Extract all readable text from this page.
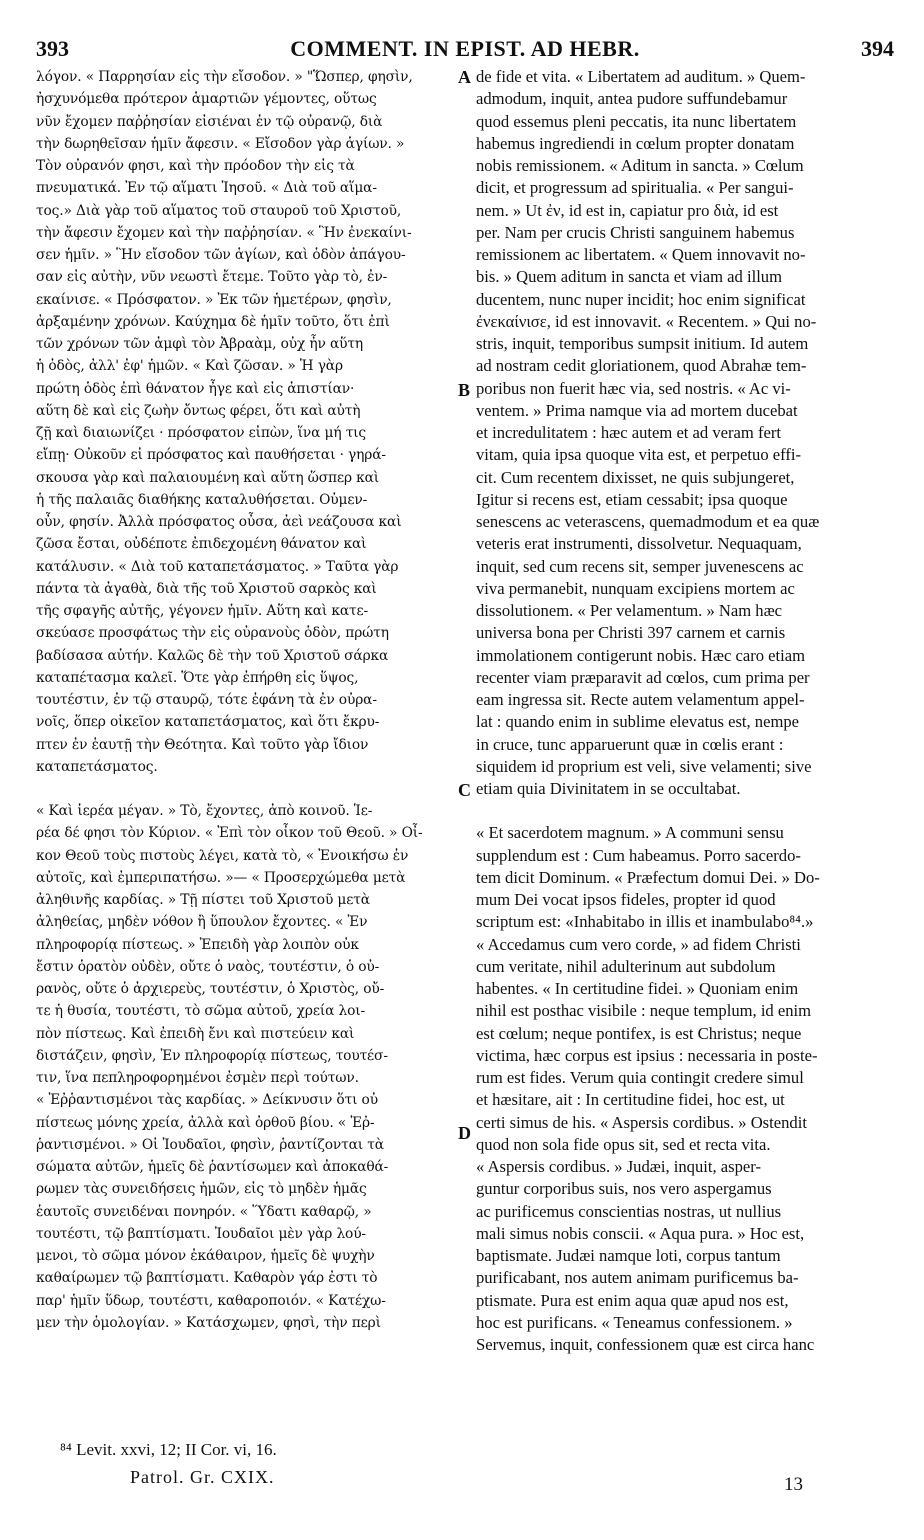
393	COMMENT. IN EPIST. AD HEBR.	394
λόγον. « Παρρησίαν εἰς τὴν εἴσοδον. » "Ὥσπερ, φησὶν,
ἠσχυνόμεθα πρότερον ἁμαρτιῶν γέμοντες, οὕτως
νῦν ἔχομεν παῤῥησίαν εἰσιέναι ἐν τῷ οὐρανῷ, διὰ
τὴν δωρηθεῖσαν ἡμῖν ἄφεσιν. « Εἴσοδον γὰρ ἁγίων. »
Τὸν οὐρανόν φησι, καὶ τὴν πρόοδον τὴν εἰς τὰ
πνευματικά. Ἐν τῷ αἵματι Ἰησοῦ. « Διὰ τοῦ αἵμα-
τος.» Διὰ γὰρ τοῦ αἵματος τοῦ σταυροῦ τοῦ Χριστοῦ,
τὴν ἄφεσιν ἔχομεν καὶ τὴν παῤῥησίαν. « Ἣν ἐνεκαίνι-
σεν ἡμῖν. » Ἣν εἴσοδον τῶν ἁγίων, καὶ ὁδὸν ἀπάγου-
σαν εἰς αὐτὴν, νῦν νεωστὶ ἔτεμε. Τοῦτο γὰρ τὸ, ἐν-
εκαίνισε. « Πρόσφατον. » Ἐκ τῶν ἡμετέρων, φησὶν,
ἀρξαμένην χρόνων. Καύχημα δὲ ἡμῖν τοῦτο, ὅτι ἐπὶ
τῶν χρόνων τῶν ἀμφὶ τὸν Ἀβραὰμ, οὐχ ἦν αὕτη
ἡ ὁδὸς, ἀλλ' ἐφ' ἡμῶν. « Καὶ ζῶσαν. » Ἡ γὰρ
πρώτη ὁδὸς ἐπὶ θάνατον ἦγε καὶ εἰς ἀπιστίαν·
αὕτη δὲ καὶ εἰς ζωὴν ὄντως φέρει, ὅτι καὶ αὐτὴ
ζῇ καὶ διαιωνίζει · πρόσφατον εἰπὼν, ἵνα μή τις
εἴπῃ· Οὐκοῦν εἰ πρόσφατος καὶ παυθήσεται · γηρά-
σκουσα γὰρ καὶ παλαιουμένη καὶ αὕτη ὥσπερ καὶ
ἡ τῆς παλαιᾶς διαθήκης καταλυθήσεται. Οὐμεν-
οὖν, φησίν. Ἀλλὰ πρόσφατος οὖσα, ἀεὶ νεάζουσα καὶ
ζῶσα ἔσται, οὐδέποτε ἐπιδεχομένη θάνατον καὶ
κατάλυσιν. « Διὰ τοῦ καταπετάσματος. » Ταῦτα γὰρ
πάντα τὰ ἀγαθὰ, διὰ τῆς τοῦ Χριστοῦ σαρκὸς καὶ
τῆς σφαγῆς αὐτῆς, γέγονεν ἡμῖν. Αὕτη καὶ κατε-
σκεύασε προσφάτως τὴν εἰς οὐρανοὺς ὁδὸν, πρώτη
βαδίσασα αὐτήν. Καλῶς δὲ τὴν τοῦ Χριστοῦ σάρκα
καταπέτασμα καλεῖ. Ὅτε γὰρ ἐπήρθη εἰς ὕψος,
τουτέστιν, ἐν τῷ σταυρῷ, τότε ἐφάνη τὰ ἐν οὐρα-
νοῖς, ὅπερ οἰκεῖον καταπετάσματος, καὶ ὅτι ἔκρυ-
πτεν ἐν ἑαυτῇ τὴν Θεότητα. Καὶ τοῦτο γὰρ ἴδιον
καταπετάσματος.
« Καὶ ἱερέα μέγαν. » Τὸ, ἔχοντες, ἀπὸ κοινοῦ. Ἱε-
ρέα δέ φησι τὸν Κύριον. « Ἐπὶ τὸν οἶκον τοῦ Θεοῦ. » Οἶ-
κον Θεοῦ τοὺς πιστοὺς λέγει, κατὰ τὸ, « Ἐνοικήσω ἐν
αὐτοῖς, καὶ ἐμπεριπατήσω. »— « Προσερχώμεθα μετὰ
ἀληθινῆς καρδίας. » Τῇ πίστει τοῦ Χριστοῦ μετὰ
ἀληθείας, μηδὲν νόθον ἢ ὕπουλον ἔχοντες. « Ἐν
πληροφορίᾳ πίστεως. » Ἐπειδὴ γὰρ λοιπὸν οὐκ
ἔστιν ὁρατὸν οὐδὲν, οὔτε ὁ ναὸς, τουτέστιν, ὁ οὐ-
ρανὸς, οὔτε ὁ ἀρχιερεὺς, τουτέστιν, ὁ Χριστὸς, οὔ-
τε ἡ θυσία, τουτέστι, τὸ σῶμα αὐτοῦ, χρεία λοι-
πὸν πίστεως. Καὶ ἐπειδὴ ἔνι καὶ πιστεύειν καὶ
διστάζειν, φησὶν, Ἐν πληροφορίᾳ πίστεως, τουτέσ-
τιν, ἵνα πεπληροφορημένοι ἐσμὲν περὶ τούτων.
« Ἐῤῥαντισμένοι τὰς καρδίας. » Δείκνυσιν ὅτι οὐ
πίστεως μόνης χρεία, ἀλλὰ καὶ ὀρθοῦ βίου. « Ἐῤ-
ῥαντισμένοι. » Οἱ Ἰουδαῖοι, φησὶν, ῥαντίζονται τὰ
σώματα αὐτῶν, ἡμεῖς δὲ ῥαντίσωμεν καὶ ἀποκαθά-
ρωμεν τὰς συνειδήσεις ἡμῶν, εἰς τὸ μηδὲν ἡμᾶς
ἑαυτοῖς συνειδέναι πονηρόν. « Ὕδατι καθαρῷ, »
τουτέστι, τῷ βαπτίσματι. Ἰουδαῖοι μὲν γὰρ λού-
μενοι, τὸ σῶμα μόνον ἐκάθαιρον, ἡμεῖς δὲ ψυχὴν
καθαίρωμεν τῷ βαπτίσματι. Καθαρὸν γάρ ἐστι τὸ
παρ' ἡμῖν ὕδωρ, τουτέστι, καθαροποιόν. « Κατέχω-
μεν τὴν ὁμολογίαν. » Κατάσχωμεν, φησὶ, τὴν περὶ
de fide et vita. « Libertatem ad auditum. » Quem-
admodum, inquit, antea pudore suffundebamur
quod essemus pleni peccatis, ita nunc libertatem
habemus ingrediendi in cœlum propter donatam
nobis remissionem. « Aditum in sancta. » Cœlum
dicit, et progressum ad spiritualia. « Per sangui-
nem. » Ut ἐν, id est in, capiatur pro διὰ, id est
per. Nam per crucis Christi sanguinem habemus
remissionem ac libertatem. « Quem innovavit no-
bis. » Quem aditum in sancta et viam ad illum
ducentem, nunc nuper incidit; hoc enim significat
ἐνεκαίνισε, id est innovavit. « Recentem. » Qui no-
stris, inquit, temporibus sumpsit initium. Id autem
ad nostram cedit gloriationem, quod Abrahæ tem-
poribus non fuerit hæc via, sed nostris. « Ac vi-
ventem. » Prima namque via ad mortem ducebat
et incredulitatem : hæc autem et ad veram fert
vitam, quia ipsa quoque vita est, et perpetuo effi-
cit. Cum recentem dixisset, ne quis subjungeret,
Igitur si recens est, etiam cessabit; ipsa quoque
senescens ac veterascens, quemadmodum et ea quæ
veteris erat instrumenti, dissolvetur. Nequaquam,
inquit, sed cum recens sit, semper juvenescens ac
viva permanebit, nunquam excipiens mortem ac
dissolutionem. « Per velamentum. » Nam hæc
universa bona per Christi 397 carnem et carnis
immolationem contigerunt nobis. Hæc caro etiam
recenter viam præparavit ad cœlos, cum prima per
eam ingressa sit. Recte autem velamentum appel-
lat : quando enim in sublime elevatus est, nempe
in cruce, tunc apparuerunt quæ in cœlis erant :
siquidem id proprium est veli, sive velamenti; sive
etiam quia Divinitatem in se occultabat.
« Et sacerdotem magnum. » A communi sensu
supplendum est : Cum habeamus. Porro sacerdo-
tem dicit Dominum. « Præfectum domui Dei. » Do-
mum Dei vocat ipsos fideles, propter id quod
scriptum est: «Inhabitabo in illis et inambulabo⁸⁴.»
« Accedamus cum vero corde, » ad fidem Christi
cum veritate, nihil adulterinum aut subdolum
habentes. « In certitudine fidei. » Quoniam enim
nihil est posthac visibile : neque templum, id enim
est cœlum; neque pontifex, is est Christus; neque
victima, hæc corpus est ipsius : necessaria in poste-
rum est fides. Verum quia contingit credere simul
et hæsitare, ait : In certitudine fidei, hoc est, ut
certi simus de his. « Aspersis cordibus. » Ostendit
quod non sola fide opus sit, sed et recta vita.
« Aspersis cordibus. » Judæi, inquit, asper-
guntur corporibus suis, nos vero aspergamus
ac purificemus conscientias nostras, ut nullius
mali simus nobis conscii. « Aqua pura. » Hoc est,
baptismate. Judæi namque loti, corpus tantum
purificabant, nos autem animam purificemus ba-
ptismate. Pura est enim aqua quæ apud nos est,
hoc est purificans. « Teneamus confessionem. »
Servemus, inquit, confessionem quæ est circa hanc
A
B
C
D
⁸⁴ Levit. xxvi, 12; II Cor. vi, 16.
Patrol. Gr. CXIX.	13
